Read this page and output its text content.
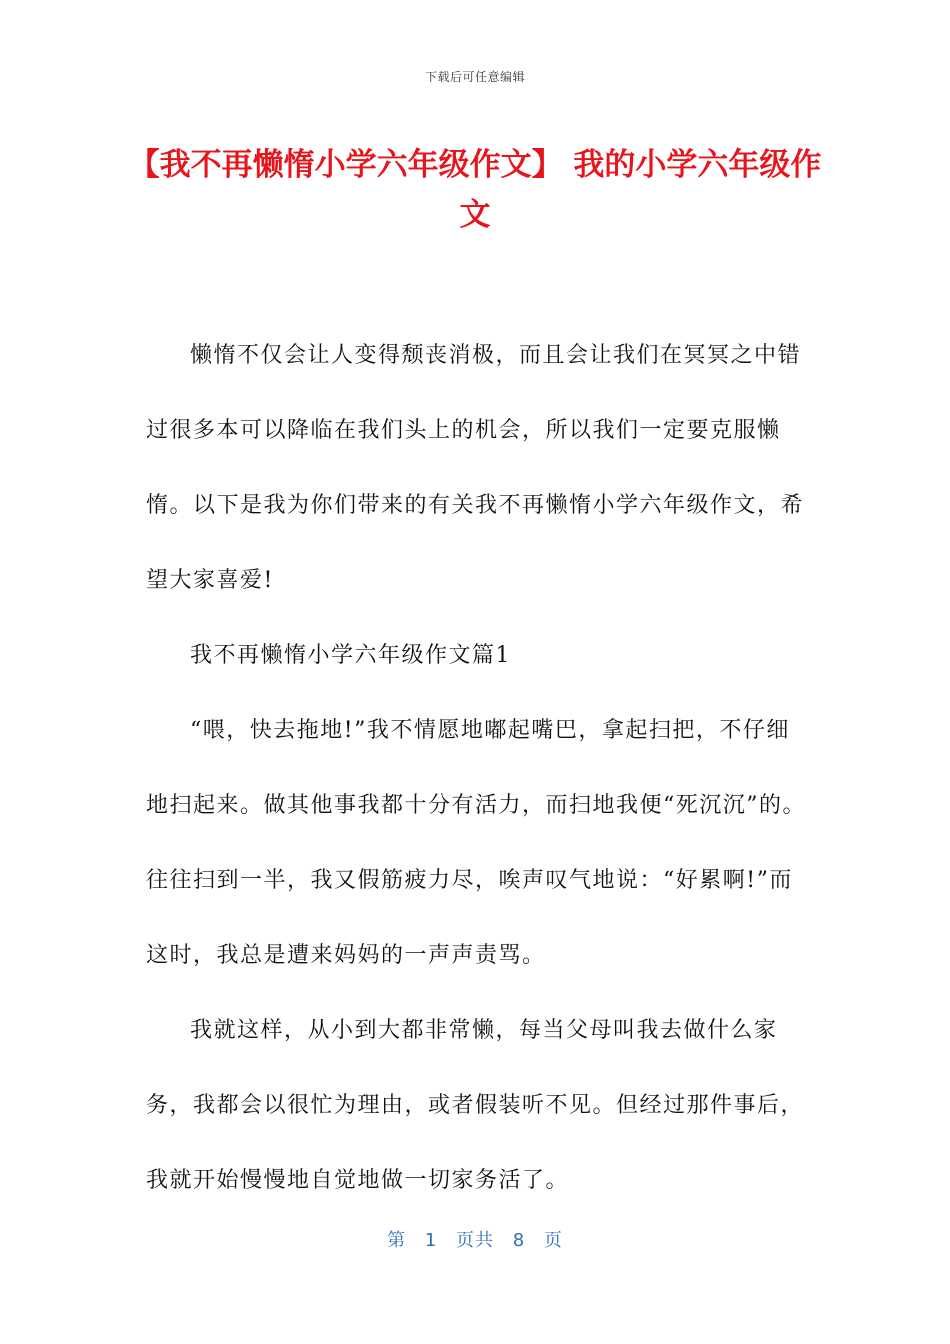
下载后可任意编辑
【我不再懒惰小学六年级作文】 我的小学六年级作文

懒惰不仅会让人变得颓丧消极，而且会让我们在冥冥之中错过很多本可以降临在我们头上的机会，所以我们一定要克服懒惰。以下是我为你们带来的有关我不再懒惰小学六年级作文，希望大家喜爱!

我不再懒惰小学六年级作文篇1

“喂，快去拖地!”我不情愿地嘟起嘴巴，拿起扫把，不仔细地扫起来。做其他事我都十分有活力，而扫地我便“死沉沉”的。往往扫到一半，我又假筋疲力尽，唉声叹气地说：“好累啊!”而这时，我总是遭来妈妈的一声声责骂。

我就这样，从小到大都非常懒，每当父母叫我去做什么家务，我都会以很忙为理由，或者假装听不见。但经过那件事后，我就开始慢慢地自觉地做一切家务活了。

第 1 页共 8 页
